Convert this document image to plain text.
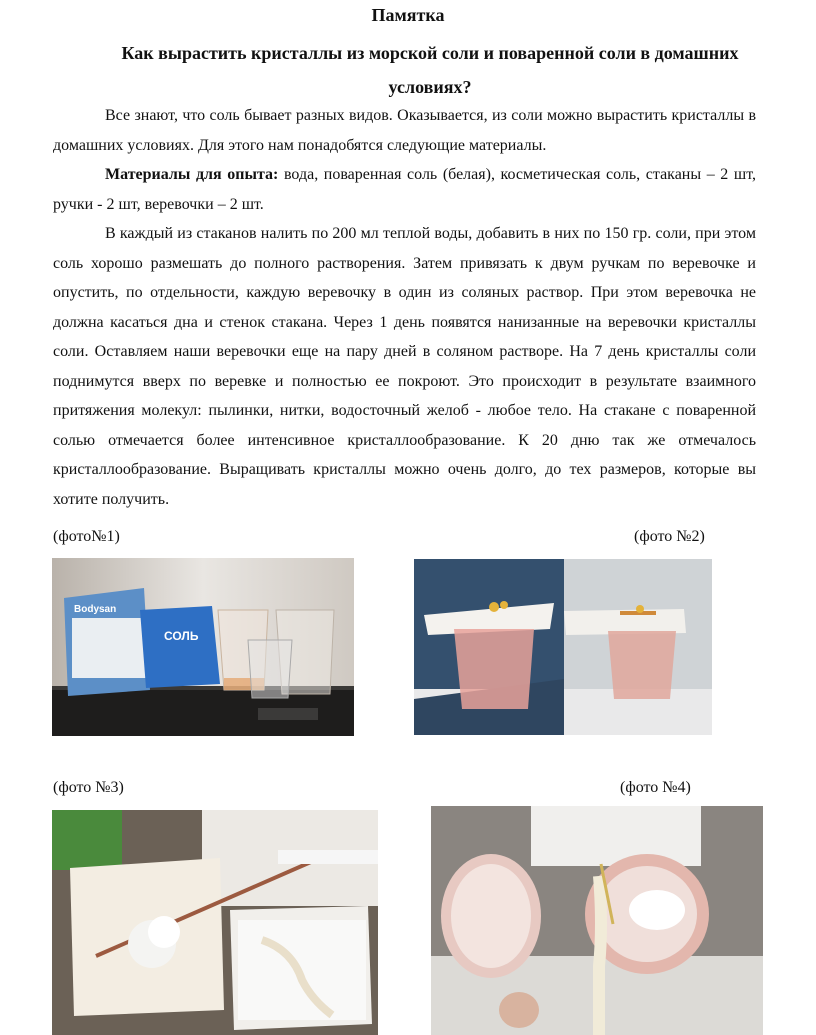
Памятка
Как вырастить кристаллы из морской соли и поваренной соли в домашних условиях?

Все знают, что соль бывает разных видов. Оказывается, из соли можно вырастить кристаллы в домашних условиях. Для этого нам понадобятся следующие материалы.

Материалы для опыта: вода, поваренная соль (белая), косметическая соль, стаканы – 2 шт, ручки - 2 шт, веревочки – 2 шт.

В каждый из стаканов налить по 200 мл теплой воды, добавить в них по 150 гр. соли, при этом соль хорошо размешать до полного растворения. Затем привязать к двум ручкам по веревочке и опустить, по отдельности, каждую веревочку в один из соляных раствор. При этом веревочка не должна касаться дна и стенок стакана. Через 1 день появятся нанизанные на веревочки кристаллы соли. Оставляем наши веревочки еще на пару дней в соляном растворе. На 7 день кристаллы соли поднимутся вверх по веревке и полностью ее покроют. Это происходит в результате взаимного притяжения молекул: пылинки, нитки, водосточный желоб - любое тело. На стакане с поваренной солью отмечается более интенсивное кристаллообразование. К 20 дню так же отмечалось кристаллообразование. Выращивать кристаллы можно очень долго, до тех размеров, которые вы хотите получить.

(фото№1)	(фото №2)
(фото №3)	(фото №4)
Bodysan
СОЛЬ
